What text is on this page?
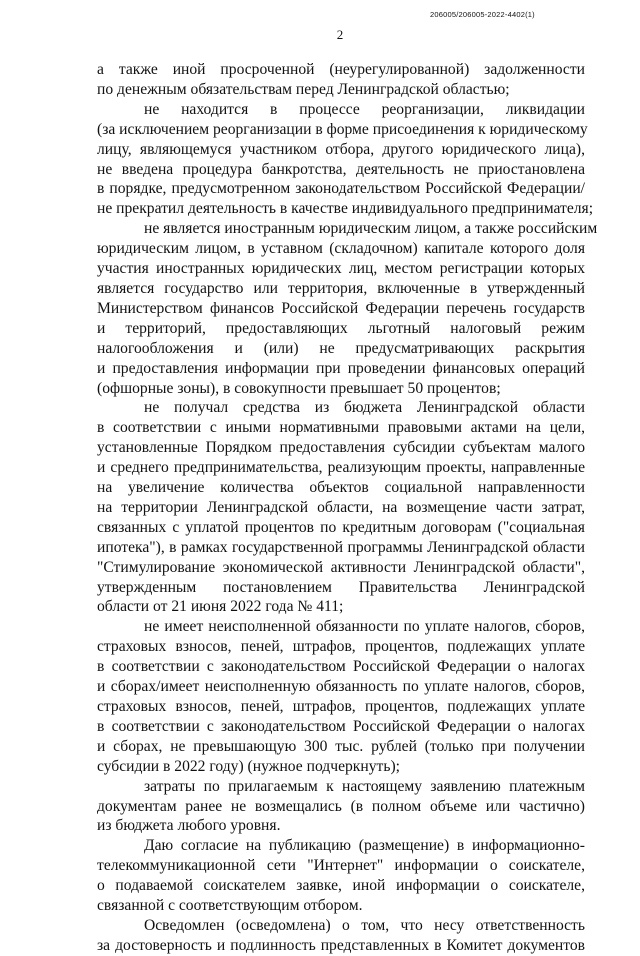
206005/206005-2022-4402(1)
2
а также иной просроченной (неурегулированной) задолженности
по денежным обязательствам перед Ленинградской областью;
не находится в процессе реорганизации, ликвидации
(за исключением реорганизации в форме присоединения к юридическому
лицу, являющемуся участником отбора, другого юридического лица),
не введена процедура банкротства, деятельность не приостановлена
в порядке, предусмотренном законодательством Российской Федерации/
не прекратил деятельность в качестве индивидуального предпринимателя;
не является иностранным юридическим лицом, а также российским
юридическим лицом, в уставном (складочном) капитале которого доля
участия иностранных юридических лиц, местом регистрации которых
является государство или территория, включенные в утвержденный
Министерством финансов Российской Федерации перечень государств
и территорий, предоставляющих льготный налоговый режим
налогообложения и (или) не предусматривающих раскрытия
и предоставления информации при проведении финансовых операций
(офшорные зоны), в совокупности превышает 50 процентов;
не получал средства из бюджета Ленинградской области
в соответствии с иными нормативными правовыми актами на цели,
установленные Порядком предоставления субсидии субъектам малого
и среднего предпринимательства, реализующим проекты, направленные
на увеличение количества объектов социальной направленности
на территории Ленинградской области, на возмещение части затрат,
связанных с уплатой процентов по кредитным договорам ("социальная
ипотека"), в рамках государственной программы Ленинградской области
"Стимулирование экономической активности Ленинградской области",
утвержденным постановлением Правительства Ленинградской
области от 21 июня 2022 года № 411;
не имеет неисполненной обязанности по уплате налогов, сборов,
страховых взносов, пеней, штрафов, процентов, подлежащих уплате
в соответствии с законодательством Российской Федерации о налогах
и сборах/имеет неисполненную обязанность по уплате налогов, сборов,
страховых взносов, пеней, штрафов, процентов, подлежащих уплате
в соответствии с законодательством Российской Федерации о налогах
и сборах, не превышающую 300 тыс. рублей (только при получении
субсидии в 2022 году) (нужное подчеркнуть);
затраты по прилагаемым к настоящему заявлению платежным
документам ранее не возмещались (в полном объеме или частично)
из бюджета любого уровня.
Даю согласие на публикацию (размещение) в информационно-
телекоммуникационной сети "Интернет" информации о соискателе,
о подаваемой соискателем заявке, иной информации о соискателе,
связанной с соответствующим отбором.
Осведомлен (осведомлена) о том, что несу ответственность
за достоверность и подлинность представленных в Комитет документов
